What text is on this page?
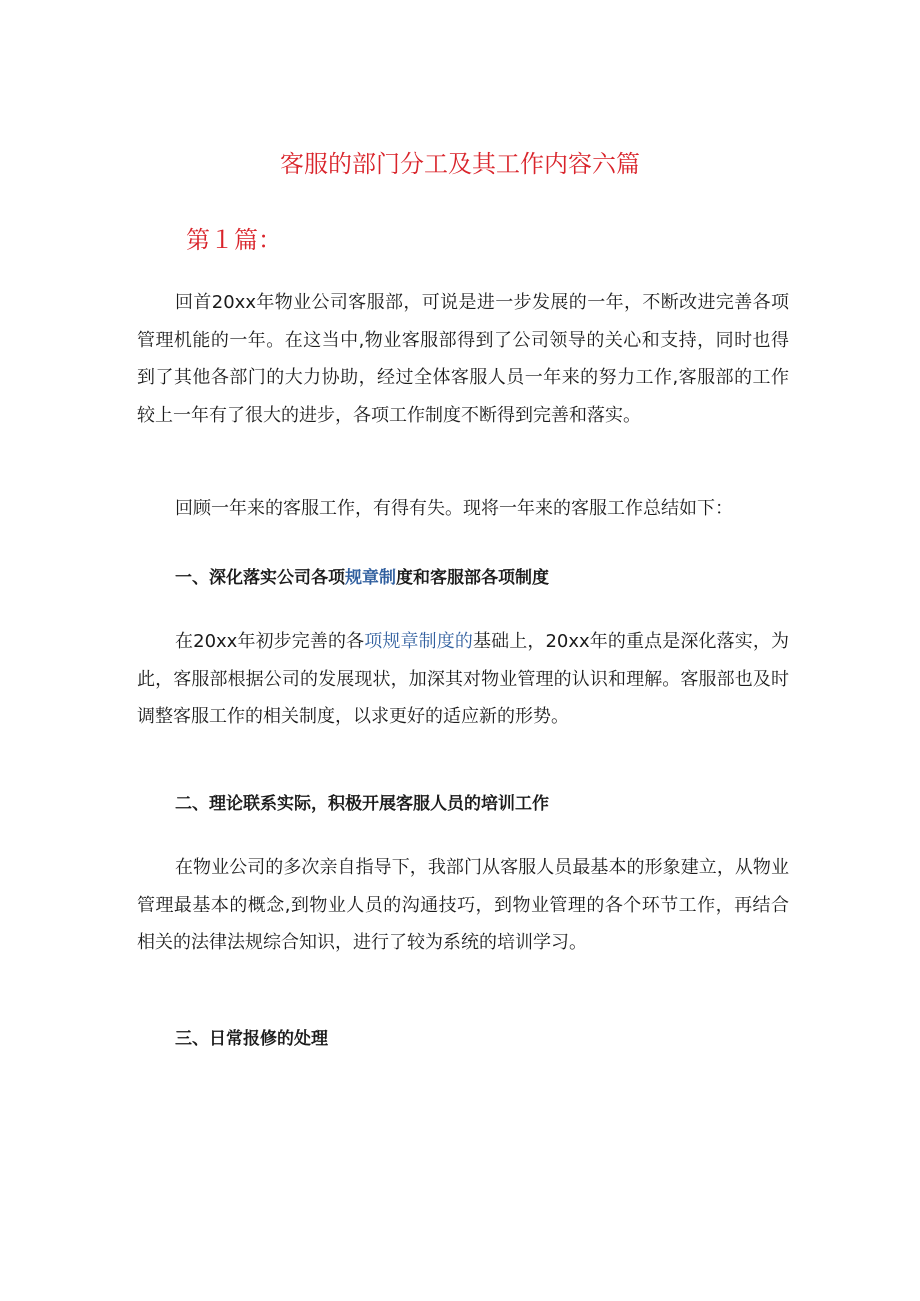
客服的部门分工及其工作内容六篇
第１篇：

回首20xx年物业公司客服部，可说是进一步发展的一年，不断改进完善各项管理机能的一年。在这当中,物业客服部得到了公司领导的关心和支持，同时也得到了其他各部门的大力协助，经过全体客服人员一年来的努力工作,客服部的工作较上一年有了很大的进步，各项工作制度不断得到完善和落实。

回顾一年来的客服工作，有得有失。现将一年来的客服工作总结如下：

一、深化落实公司各项规章制度和客服部各项制度

在20xx年初步完善的各项规章制度的基础上，20xx年的重点是深化落实，为此，客服部根据公司的发展现状，加深其对物业管理的认识和理解。客服部也及时调整客服工作的相关制度，以求更好的适应新的形势。

二、理论联系实际，积极开展客服人员的培训工作

在物业公司的多次亲自指导下，我部门从客服人员最基本的形象建立，从物业管理最基本的概念,到物业人员的沟通技巧，到物业管理的各个环节工作，再结合相关的法律法规综合知识，进行了较为系统的培训学习。

三、日常报修的处理
